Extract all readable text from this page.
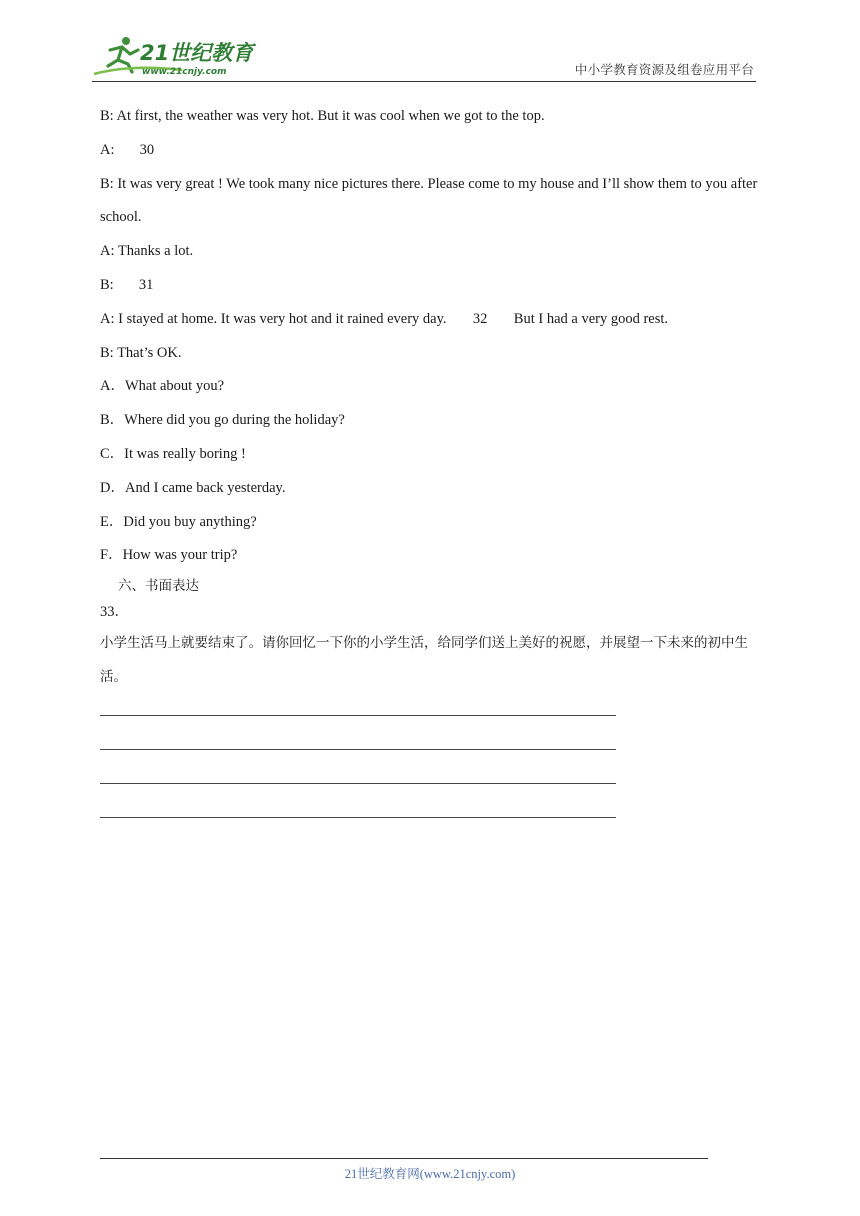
21世纪教育
www.21cnjy.com	中小学教育资源及组卷应用平台
B: At first, the weather was very hot. But it was cool when we got to the top.
A: 30
B: It was very great ! We took many nice pictures there. Please come to my house and I’ll show them to you after school.
A: Thanks a lot.
B: 31
A: I stayed at home. It was very hot and it rained every day. 32 But I had a very good rest.
B: That’s OK.
A．What about you?
B．Where did you go during the holiday?
C．It was really boring !
D．And I came back yesterday.
E．Did you buy anything?
F．How was your trip?
六、书面表达
33．
小学生活马上就要结束了。请你回忆一下你的小学生活，给同学们送上美好的祝愿，并展望一下未来的初中生活。
21世纪教育网(www.21cnjy.com)
